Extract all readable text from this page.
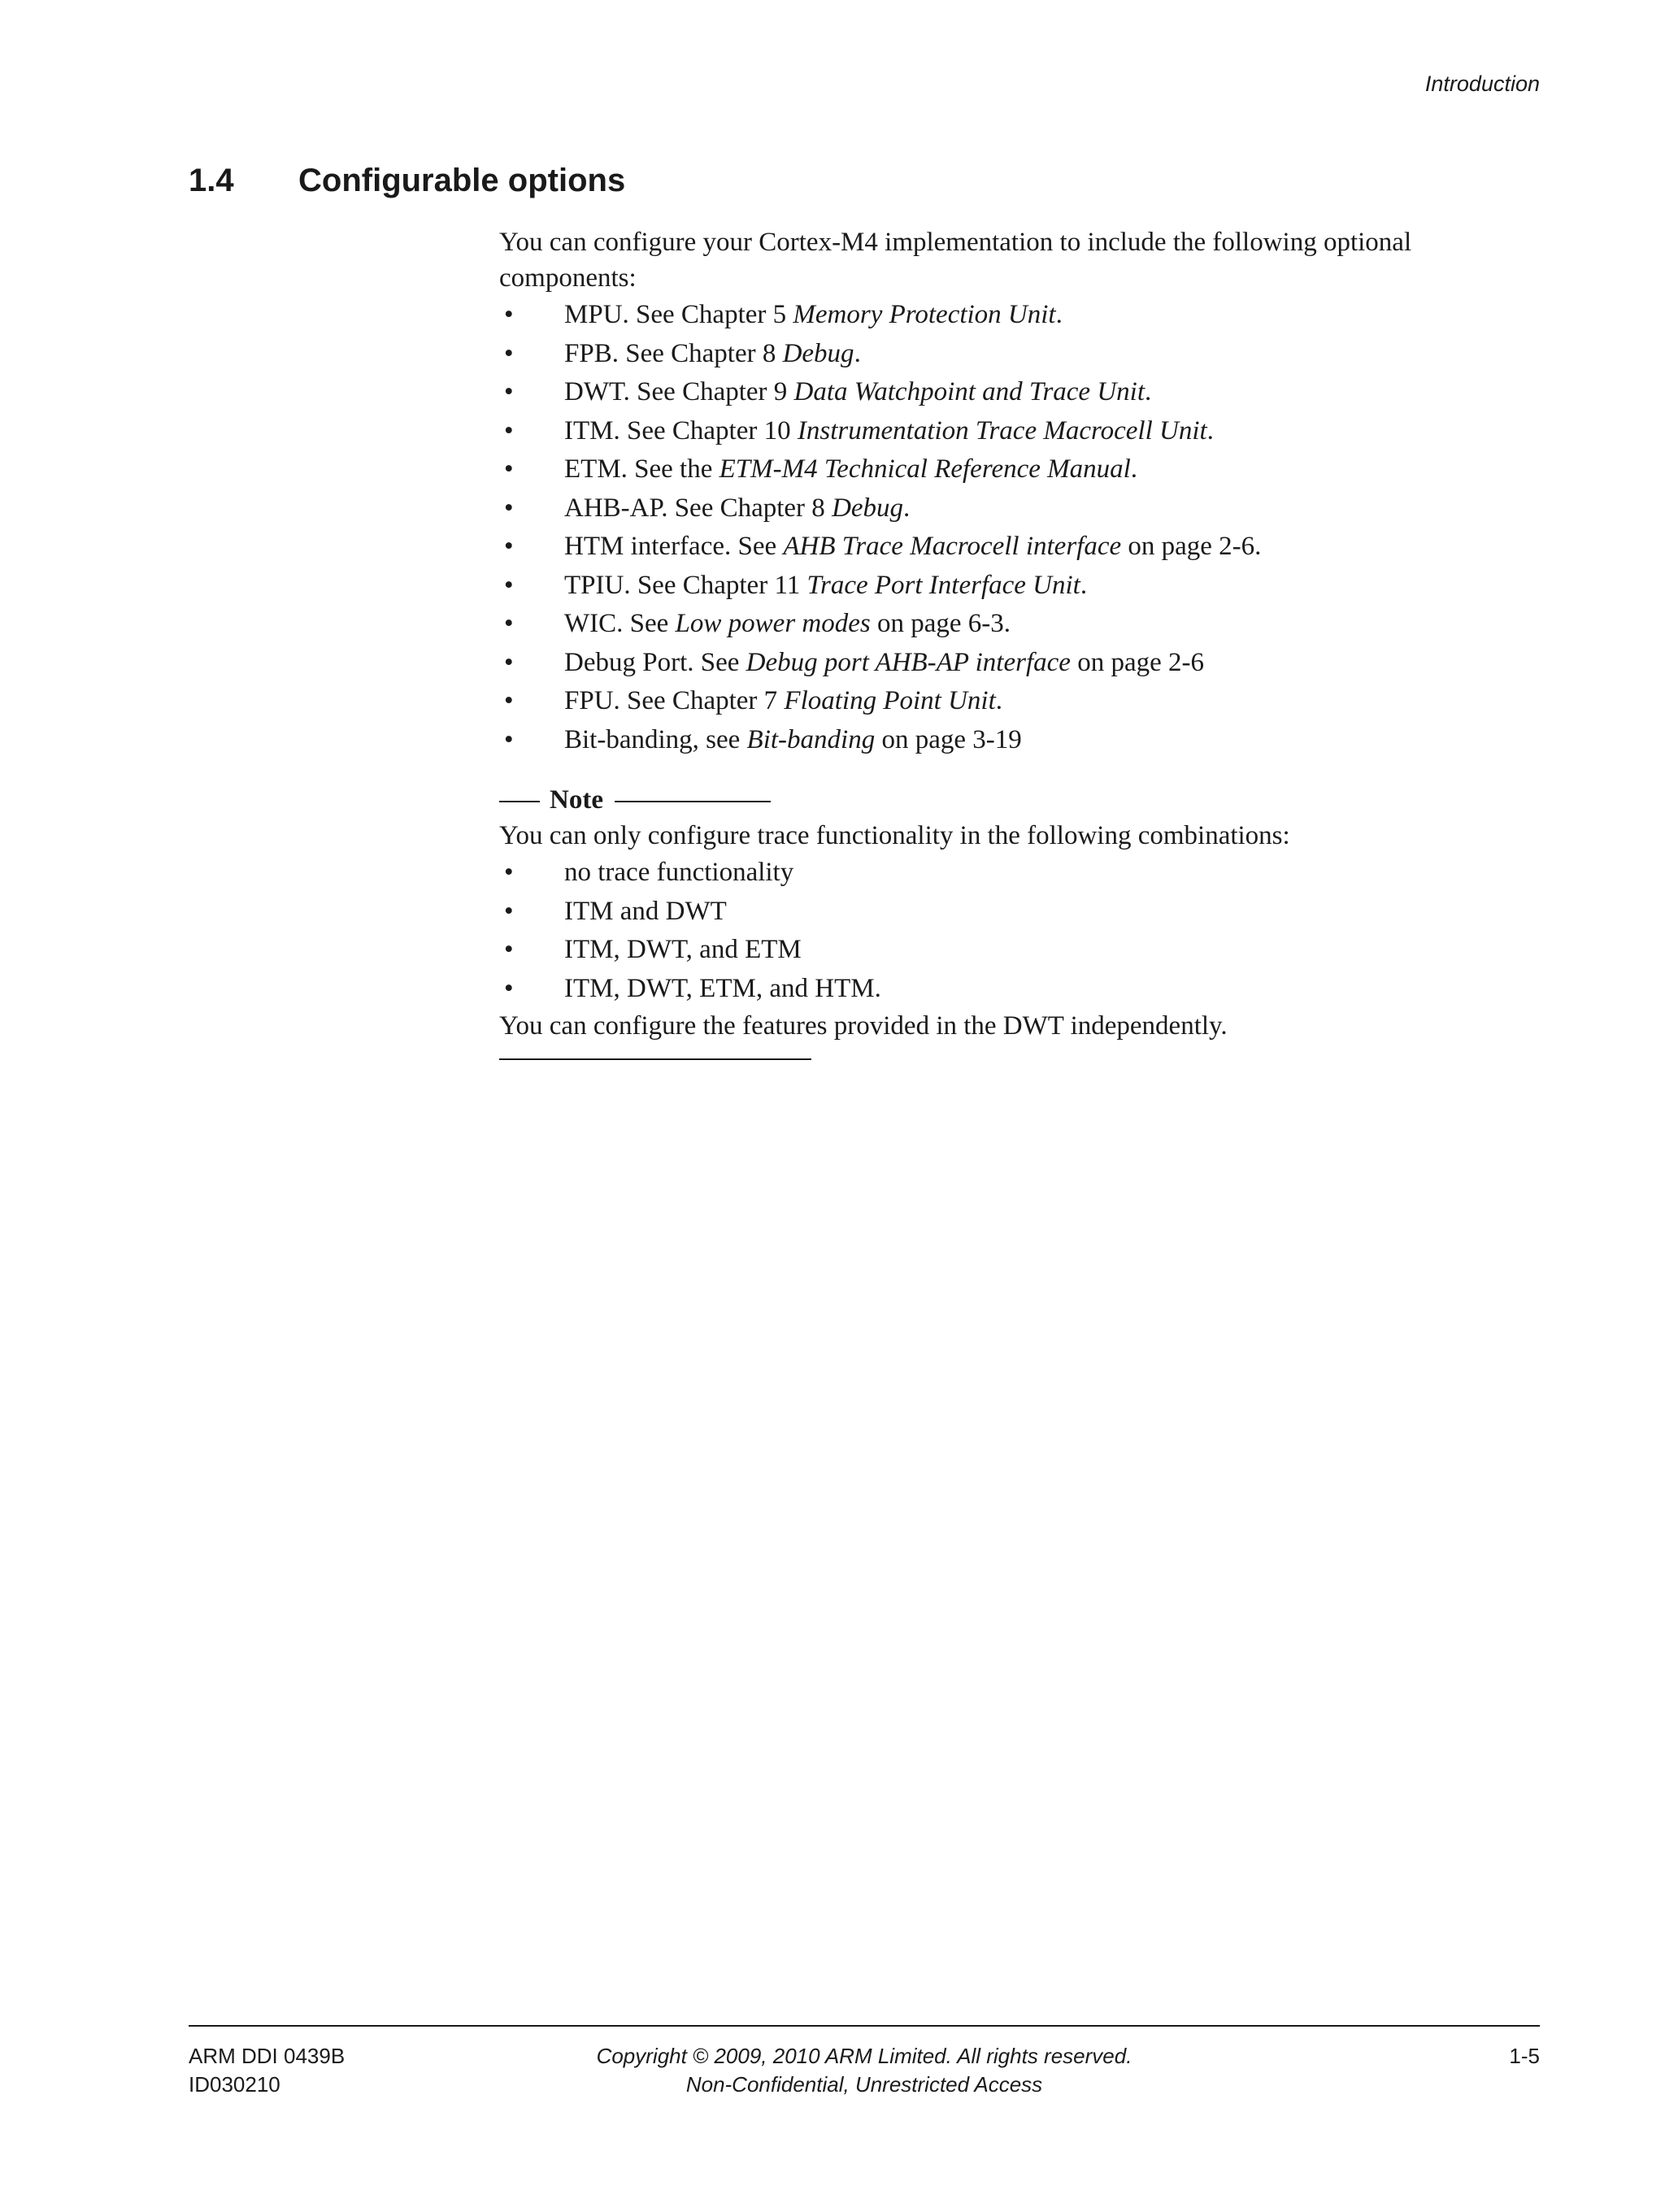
Introduction
1.4 Configurable options

You can configure your Cortex-M4 implementation to include the following optional components:

• MPU. See Chapter 5 Memory Protection Unit.
• FPB. See Chapter 8 Debug.
• DWT. See Chapter 9 Data Watchpoint and Trace Unit.
• ITM. See Chapter 10 Instrumentation Trace Macrocell Unit.
• ETM. See the ETM-M4 Technical Reference Manual.
• AHB-AP. See Chapter 8 Debug.
• HTM interface. See AHB Trace Macrocell interface on page 2-6.
• TPIU. See Chapter 11 Trace Port Interface Unit.
• WIC. See Low power modes on page 6-3.
• Debug Port. See Debug port AHB-AP interface on page 2-6
• FPU. See Chapter 7 Floating Point Unit.
• Bit-banding, see Bit-banding on page 3-19
Note

You can only configure trace functionality in the following combinations:

• no trace functionality
• ITM and DWT
• ITM, DWT, and ETM
• ITM, DWT, ETM, and HTM.

You can configure the features provided in the DWT independently.

ARM DDI 0439B
ID030210
Copyright © 2009, 2010 ARM Limited. All rights reserved.
Non-Confidential, Unrestricted Access
1-5
